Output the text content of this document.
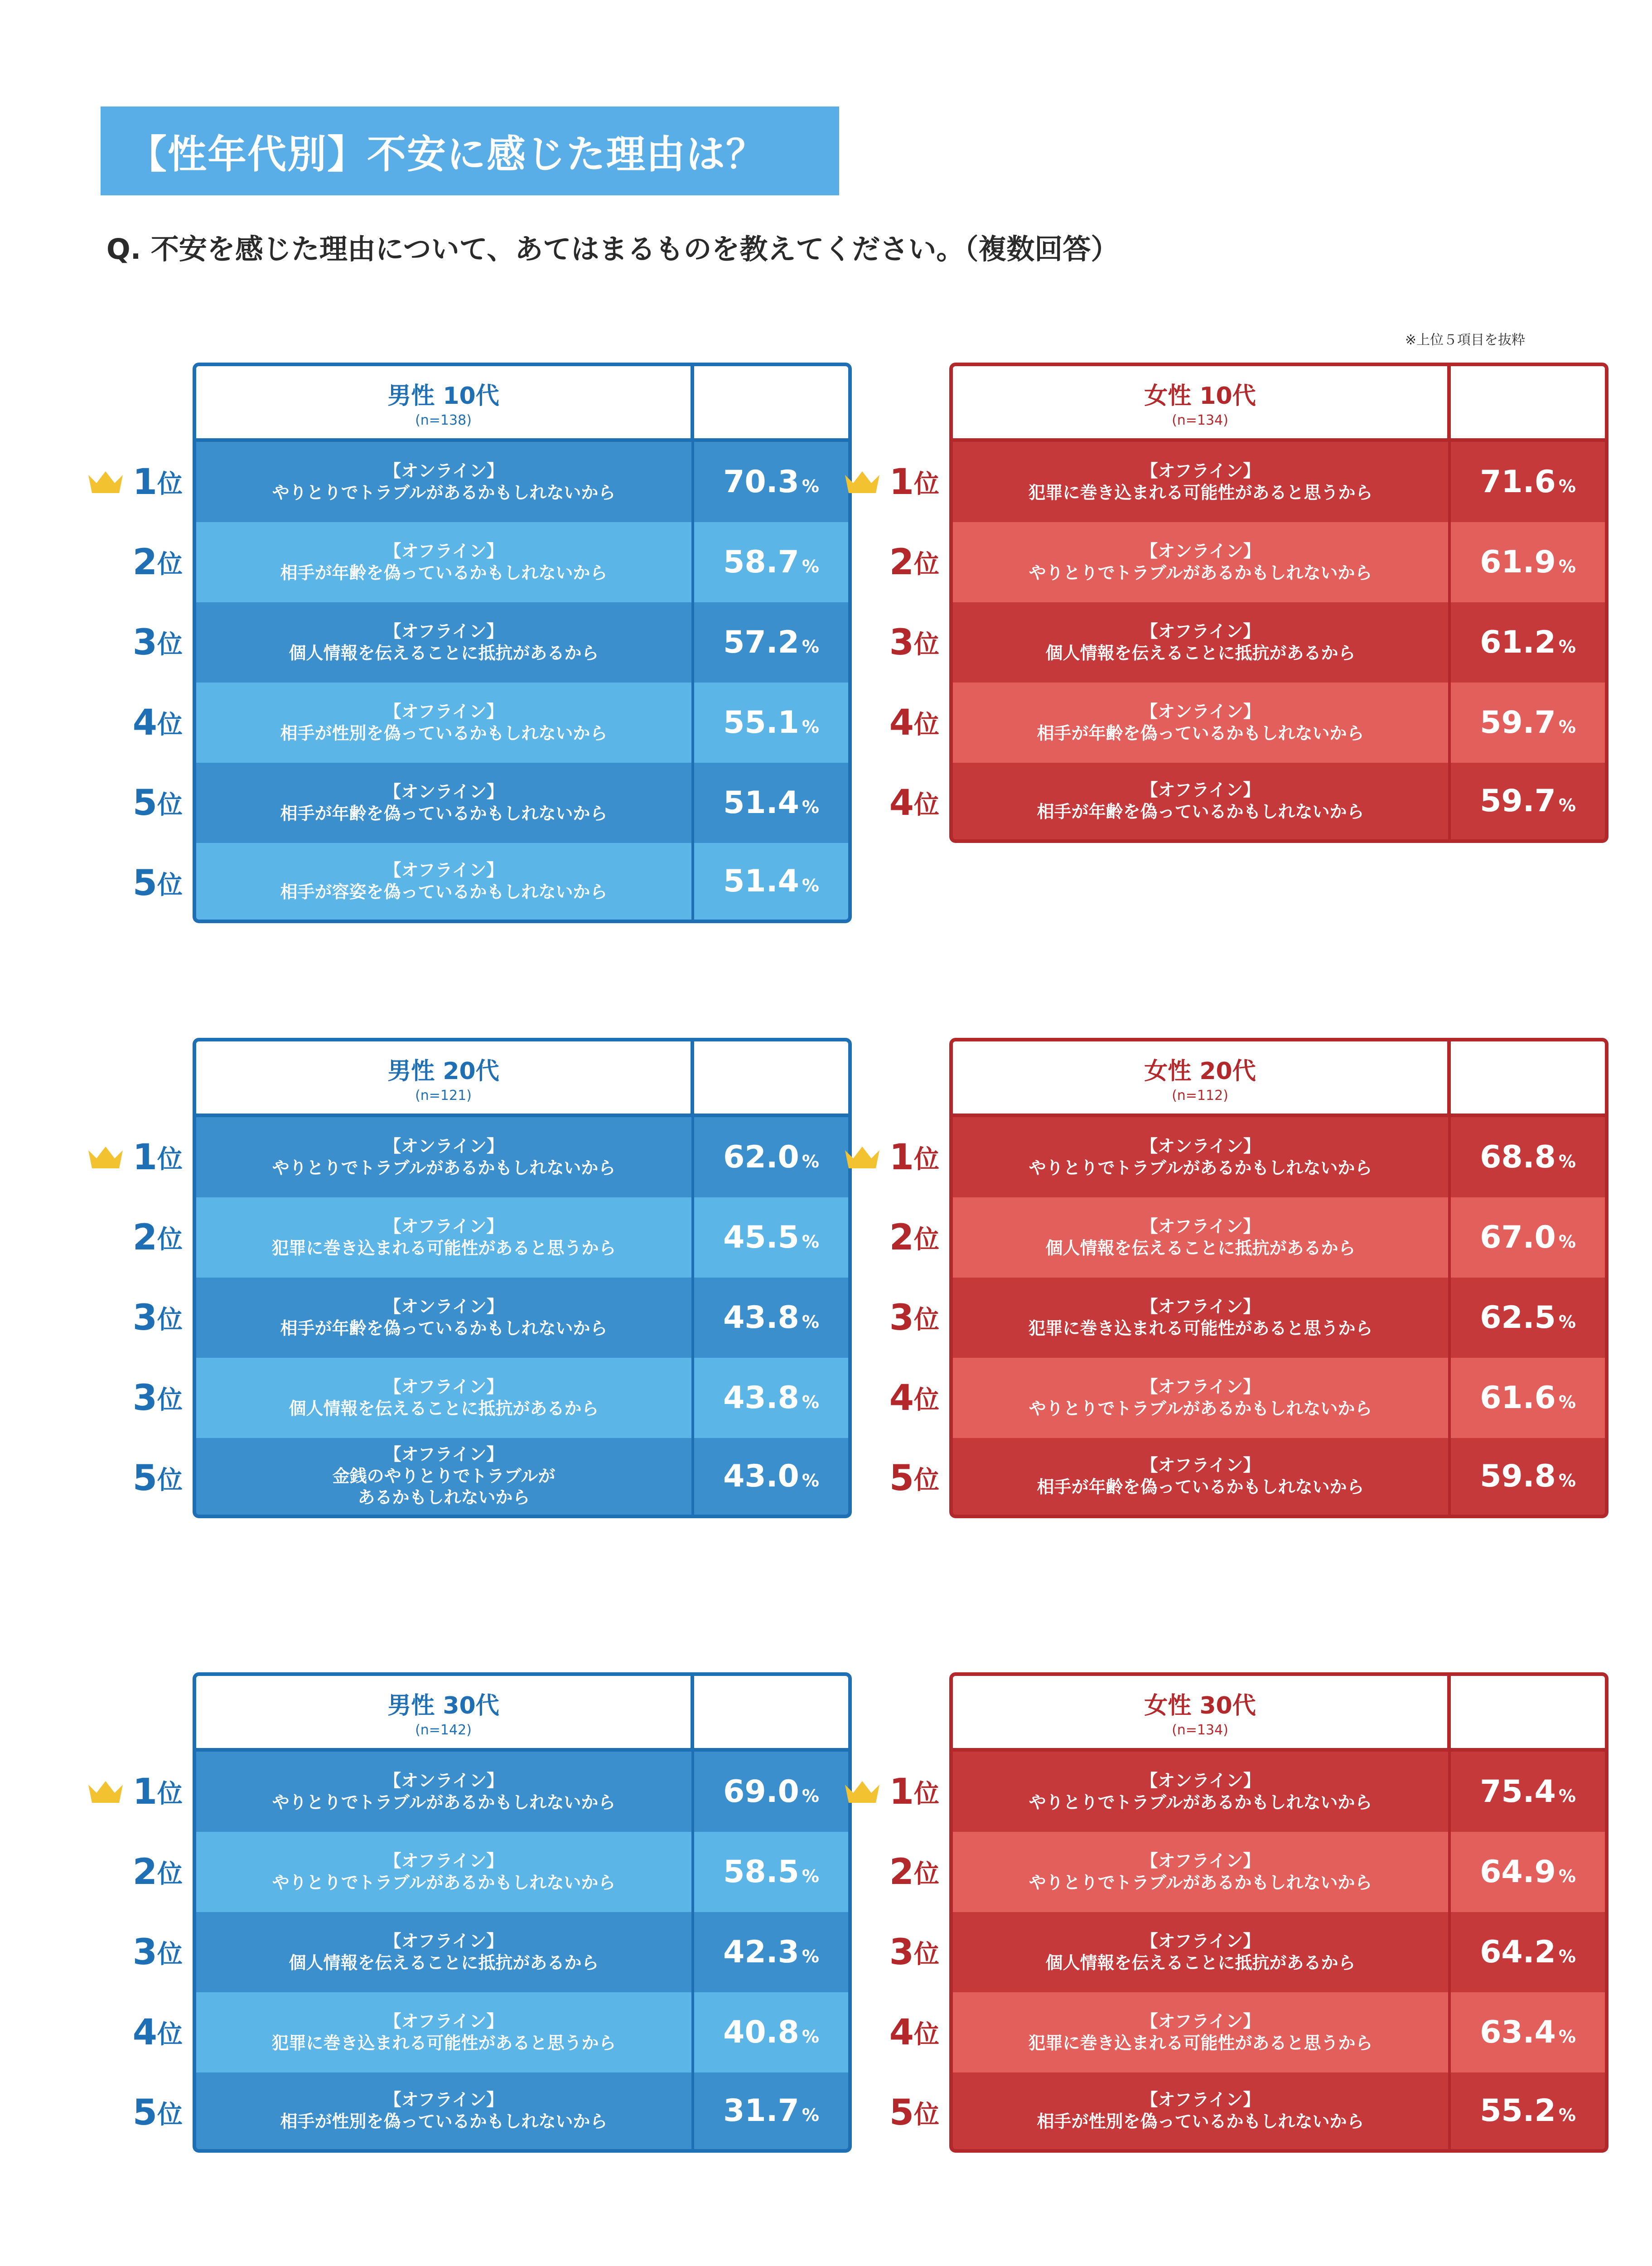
【性年代別】不安に感じた理由は？
Q. 不安を感じた理由について、あてはまるものを教えてください。（複数回答）
※上位５項目を抜粋
男性 10代
(n=138)
1 位	【オンライン】
やりとりでトラブルがあるかもしれないから	70.3 %
2 位	【オフライン】
相手が年齢を偽っているかもしれないから	58.7 %
3 位	【オフライン】
個人情報を伝えることに抵抗があるから	57.2 %
4 位	【オフライン】
相手が性別を偽っているかもしれないから	55.1 %
5 位	【オンライン】
相手が年齢を偽っているかもしれないから	51.4 %
5 位
【オフライン】
相手が容姿を偽っているかもしれないから	51.4 %
女性 10代
(n=134)
1 位	【オフライン】
犯罪に巻き込まれる可能性があると思うから	71.6 %
2 位	【オンライン】
やりとりでトラブルがあるかもしれないから	61.9 %
3 位	【オフライン】
個人情報を伝えることに抵抗があるから	61.2 %
4 位	【オンライン】
相手が年齢を偽っているかもしれないから	59.7 %
4 位
【オフライン】
相手が年齢を偽っているかもしれないから	59.7 %
男性 20代
(n=121)
1 位	【オンライン】
やりとりでトラブルがあるかもしれないから	62.0 %
2 位	【オフライン】
犯罪に巻き込まれる可能性があると思うから	45.5 %
3 位	【オンライン】
相手が年齢を偽っているかもしれないから	43.8 %
3 位	【オフライン】
個人情報を伝えることに抵抗があるから	43.8 %
5 位
【オフライン】
金銭のやりとりでトラブルが
あるかもしれないから
43.0 %
女性 20代
(n=112)
1 位	【オンライン】
やりとりでトラブルがあるかもしれないから	68.8 %
2 位	【オフライン】
個人情報を伝えることに抵抗があるから	67.0 %
3 位	【オフライン】
犯罪に巻き込まれる可能性があると思うから	62.5 %
4 位	【オフライン】
やりとりでトラブルがあるかもしれないから	61.6 %
5 位
【オフライン】
相手が年齢を偽っているかもしれないから	59.8 %
男性 30代
(n=142)
1 位	【オンライン】
やりとりでトラブルがあるかもしれないから	69.0 %
2 位	【オフライン】
やりとりでトラブルがあるかもしれないから	58.5 %
3 位	【オフライン】
個人情報を伝えることに抵抗があるから	42.3 %
4 位	【オフライン】
犯罪に巻き込まれる可能性があると思うから	40.8 %
5 位
【オフライン】
相手が性別を偽っているかもしれないから	31.7 %
女性 30代
(n=134)
1 位	【オンライン】
やりとりでトラブルがあるかもしれないから	75.4 %
2 位	【オフライン】
やりとりでトラブルがあるかもしれないから	64.9 %
3 位	【オフライン】
個人情報を伝えることに抵抗があるから	64.2 %
4 位	【オフライン】
犯罪に巻き込まれる可能性があると思うから	63.4 %
5 位
【オフライン】
相手が性別を偽っているかもしれないから	55.2 %
